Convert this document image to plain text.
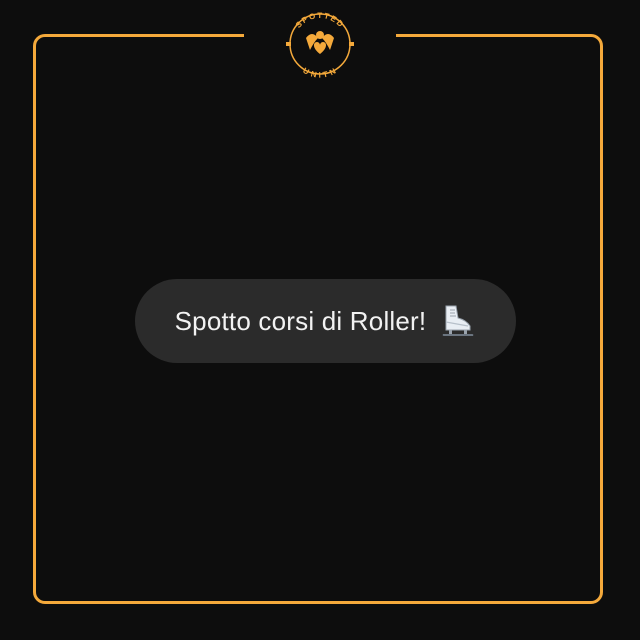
SPOTTED
UNITN
Spotto corsi di Roller!
